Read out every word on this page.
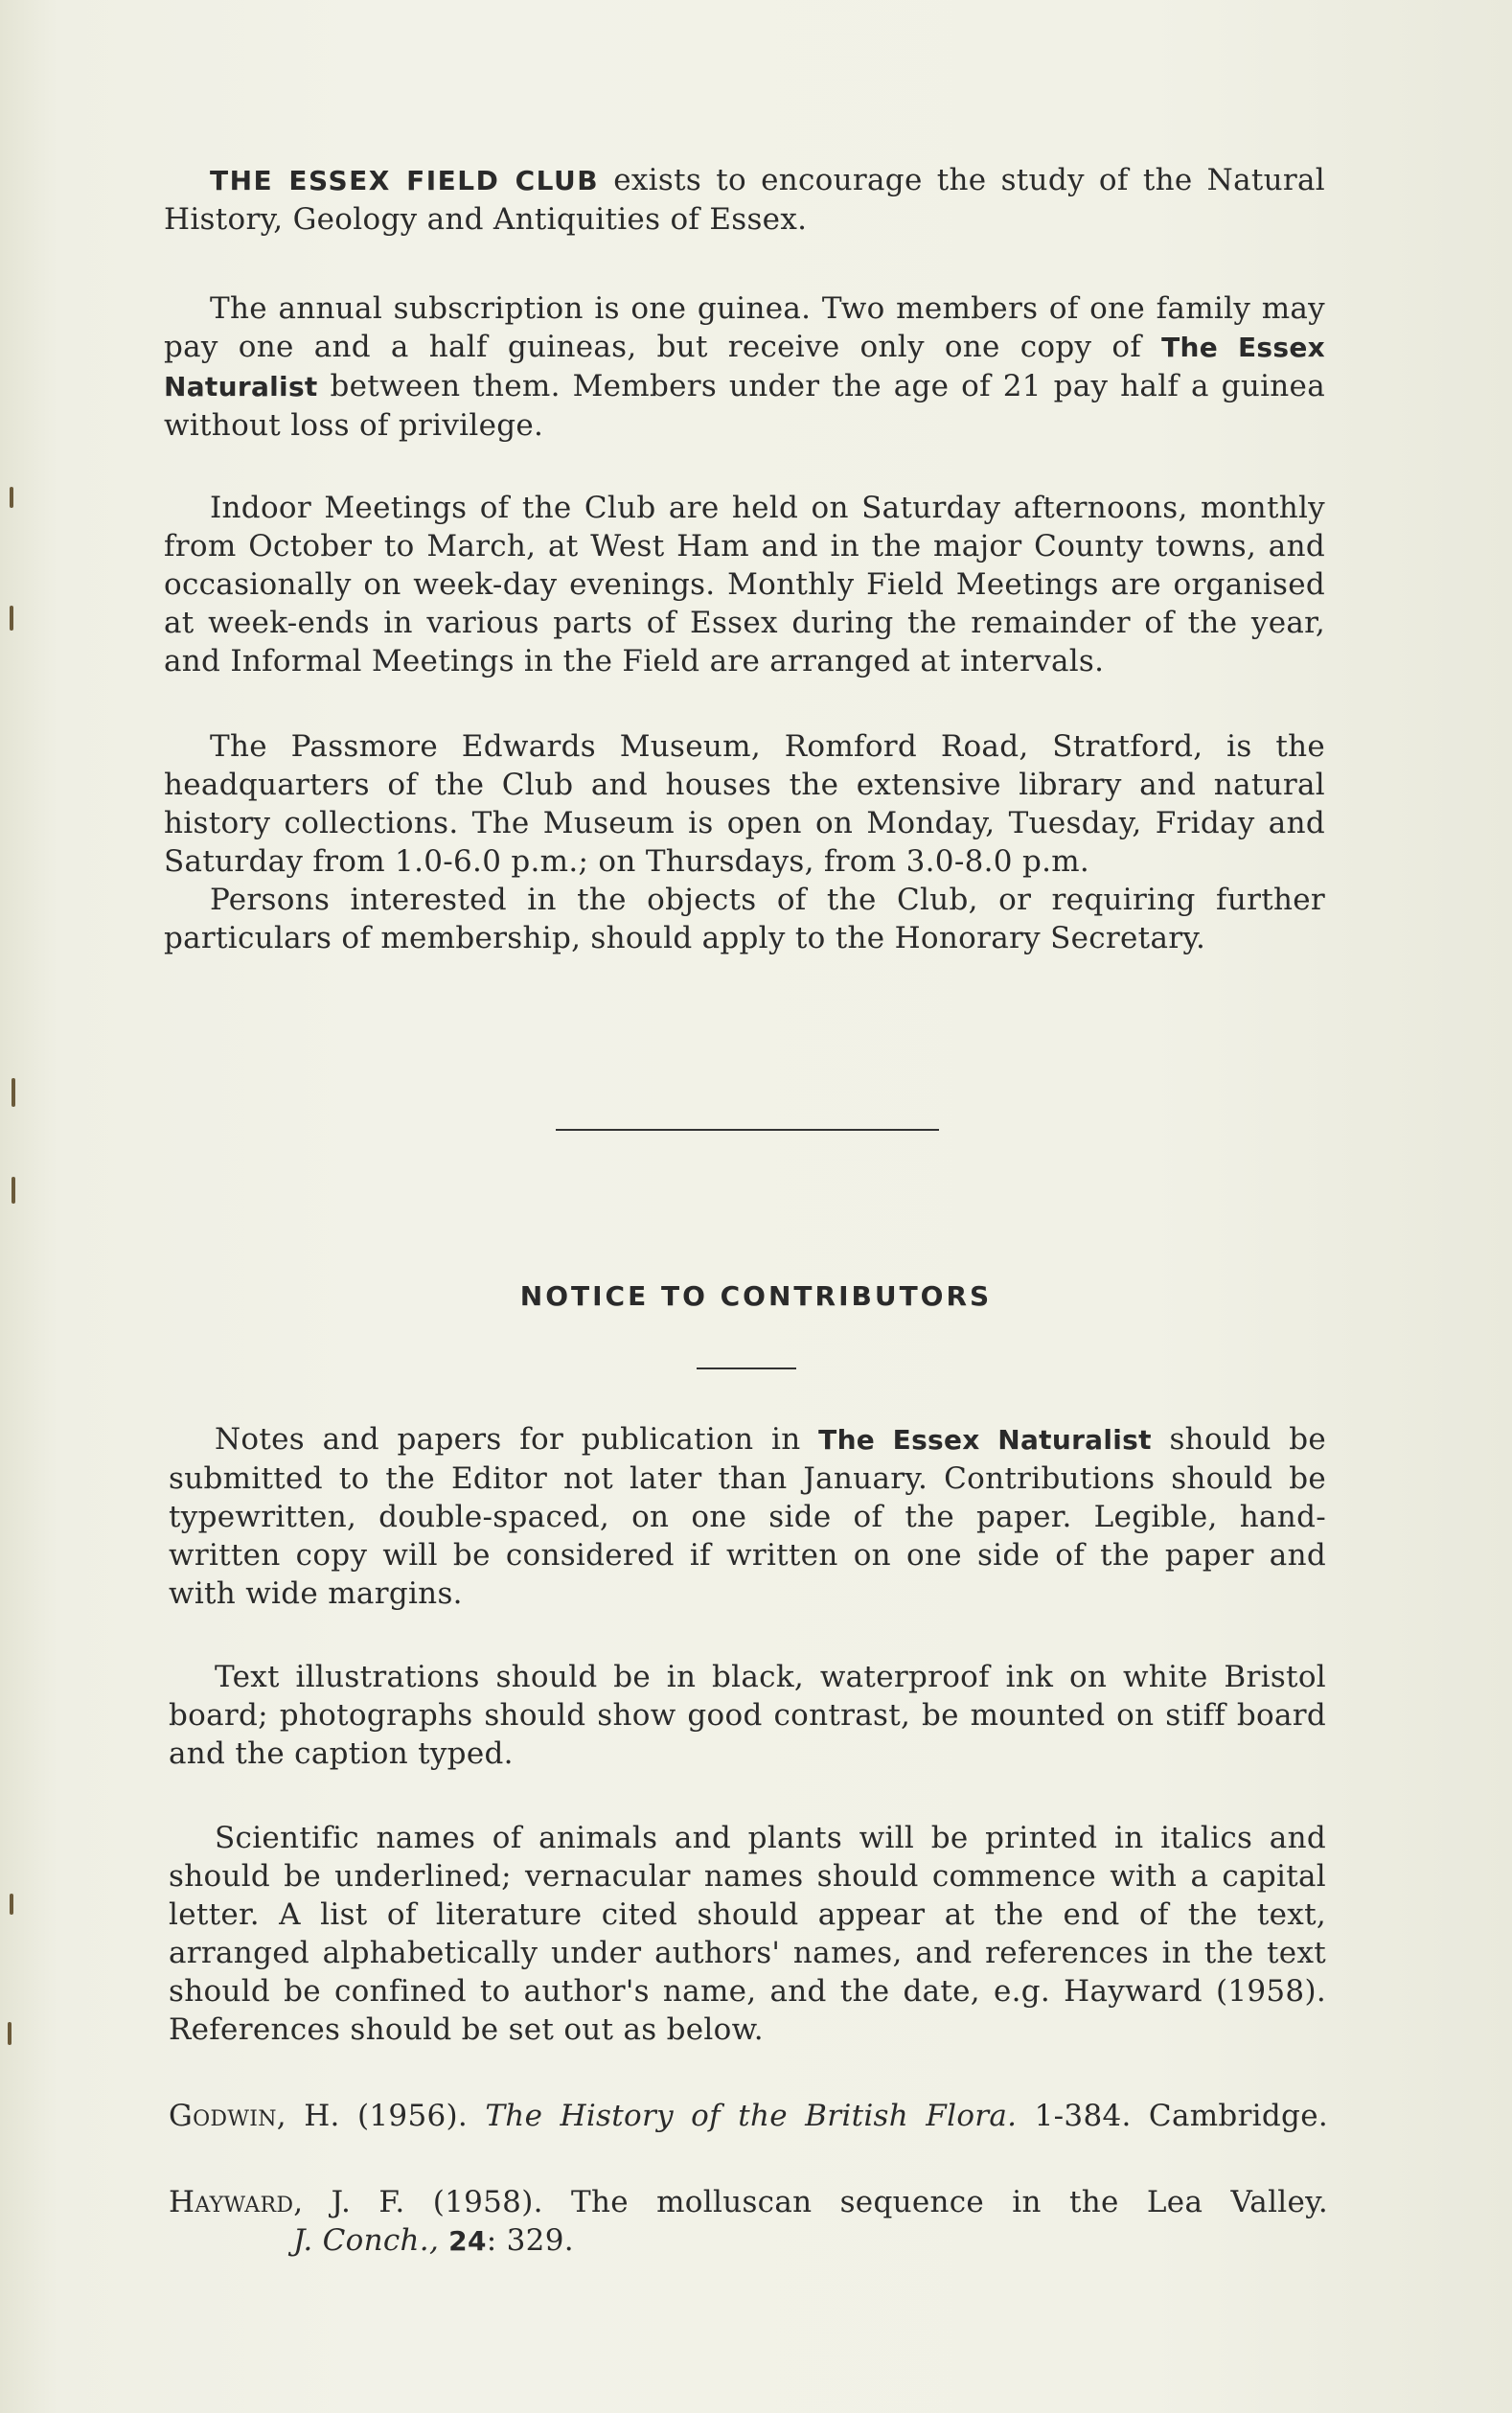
THE ESSEX FIELD CLUB exists to encourage the study of the Natural History, Geology and Antiquities of Essex.

The annual subscription is one guinea. Two members of one family may pay one and a half guineas, but receive only one copy of The Essex Naturalist between them. Members under the age of 21 pay half a guinea without loss of privilege.

Indoor Meetings of the Club are held on Saturday afternoons, monthly from October to March, at West Ham and in the major County towns, and occasionally on week-day evenings. Monthly Field Meetings are organised at week-ends in various parts of Essex during the remainder of the year, and Informal Meetings in the Field are arranged at intervals.

The Passmore Edwards Museum, Romford Road, Stratford, is the headquarters of the Club and houses the extensive library and natural history collections. The Museum is open on Monday, Tuesday, Friday and Saturday from 1.0-6.0 p.m.; on Thursdays, from 3.0-8.0 p.m.

Persons interested in the objects of the Club, or requiring further particulars of membership, should apply to the Honorary Secretary.

NOTICE TO CONTRIBUTORS

Notes and papers for publication in The Essex Naturalist should be submitted to the Editor not later than January. Contributions should be typewritten, double-spaced, on one side of the paper. Legible, hand-written copy will be considered if written on one side of the paper and with wide margins.

Text illustrations should be in black, waterproof ink on white Bristol board; photographs should show good contrast, be mounted on stiff board and the caption typed.

Scientific names of animals and plants will be printed in italics and should be underlined; vernacular names should commence with a capital letter. A list of literature cited should appear at the end of the text, arranged alphabetically under authors' names, and references in the text should be confined to author's name, and the date, e.g. Hayward (1958). References should be set out as below.

Godwin, H. (1956). The History of the British Flora. 1-384. Cambridge.
Hayward, J. F. (1958). The molluscan sequence in the Lea Valley.
J. Conch., 24: 329.
